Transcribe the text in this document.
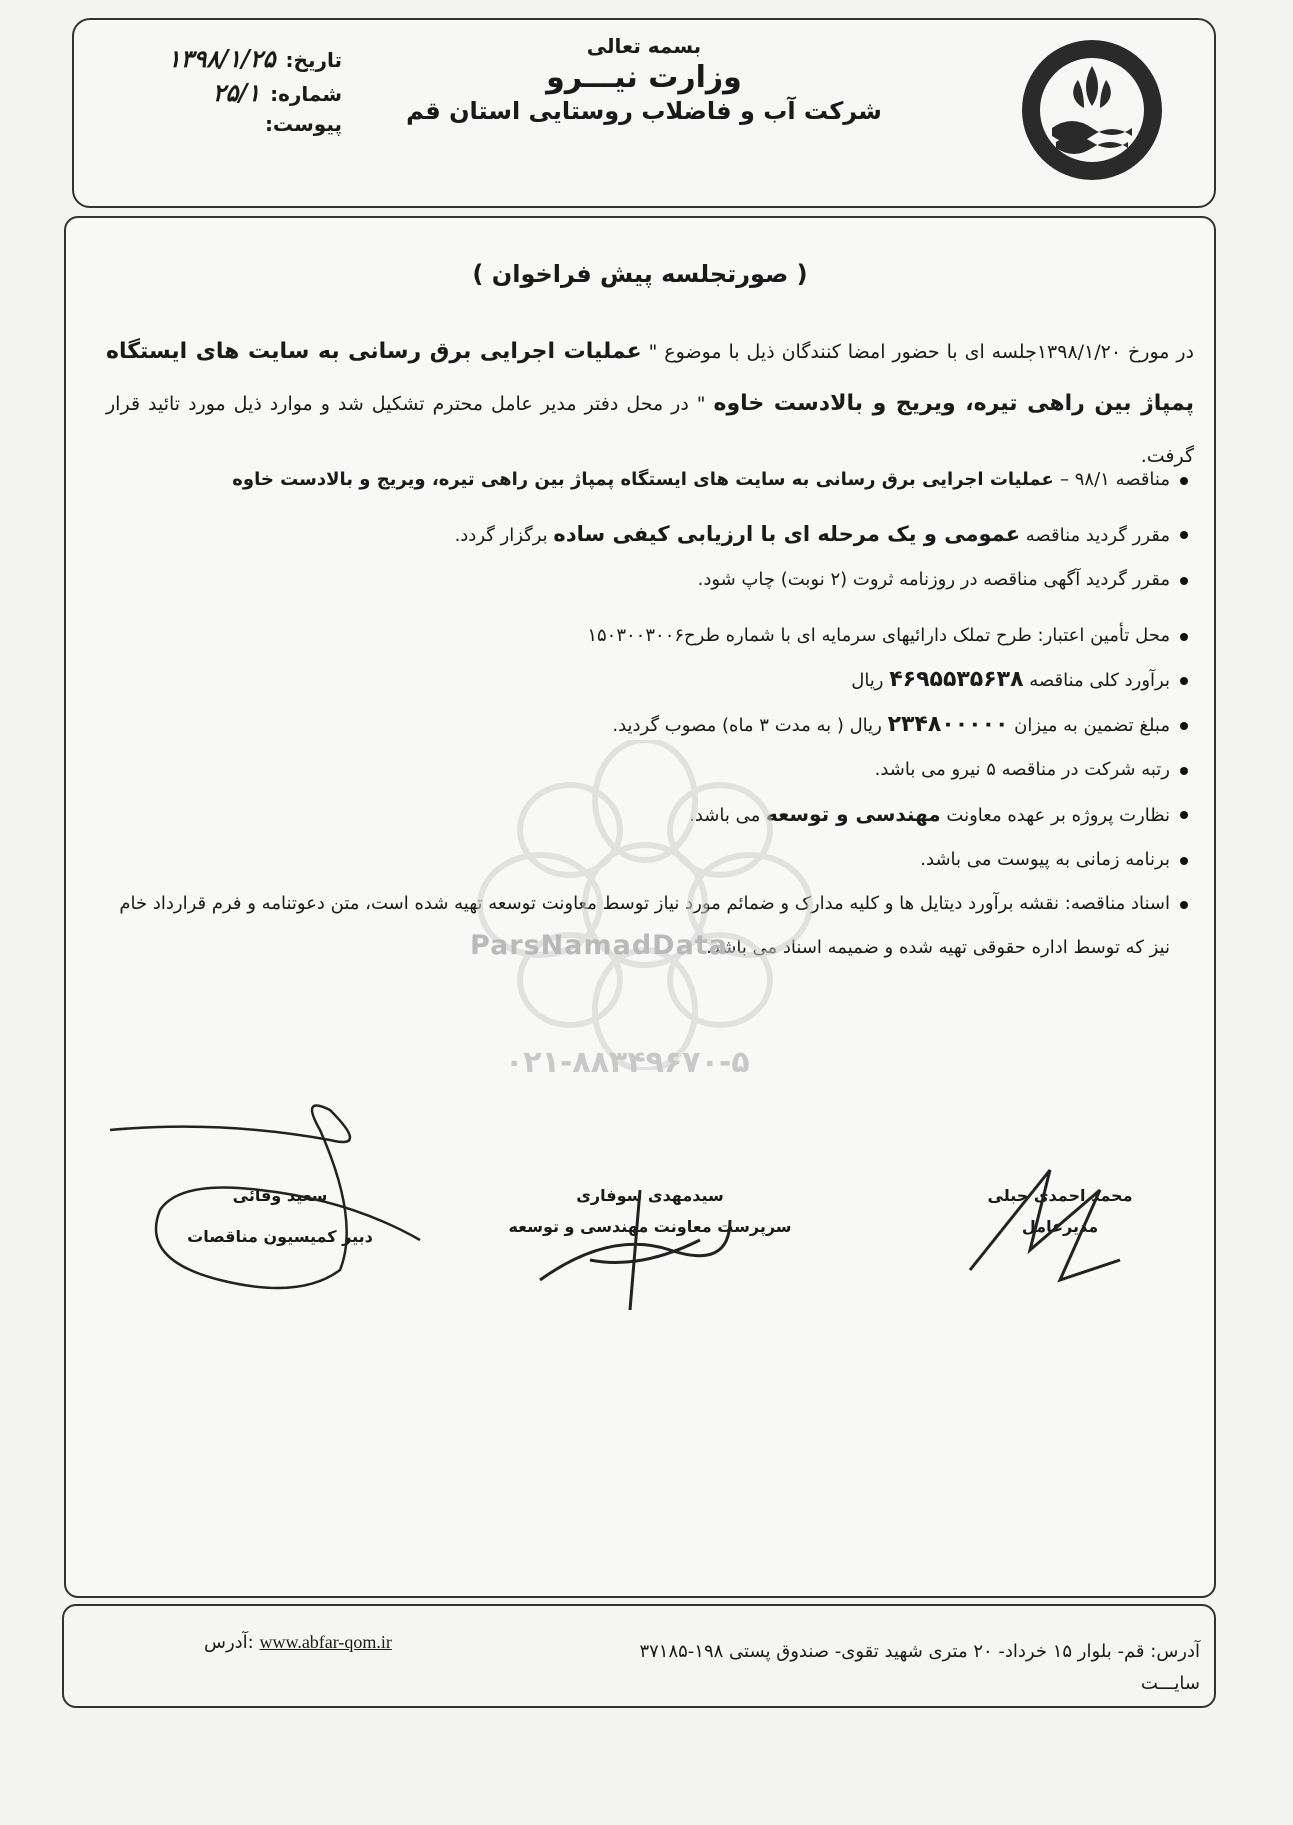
بسمه تعالی
وزارت نیـــرو
شرکت آب و فاضلاب روستایی استان قم
تاریخ:
۱۳۹۸/۱/۲۵
شماره:
۲۵/۱
پیوست:
( صورتجلسه پیش فراخوان )
در مورخ ۱۳۹۸/۱/۲۰جلسه ای با حضور امضا کنندگان ذیل با موضوع " عملیات اجرایی برق رسانی به سایت های ایستگاه پمپاژ بین راهی تیره، ویریج و بالادست خاوه " در محل دفتر مدیر عامل محترم تشکیل شد و موارد ذیل مورد تائید قرار گرفت.
مناقصه ۹۸/۱ – عملیات اجرایی برق رسانی به سایت های ایستگاه پمپاژ بین راهی تیره، ویریج و بالادست خاوه
مقرر گردید مناقصه عمومی و یک مرحله ای با ارزیابی کیفی ساده برگزار گردد.
مقرر گردید آگهی مناقصه در روزنامه ثروت (۲ نوبت) چاپ شود.
محل تأمین اعتبار: طرح تملک دارائیهای سرمایه ای با شماره طرح۱۵۰۳۰۰۳۰۰۶
برآورد کلی مناقصه ۴۶۹۵۵۳۵۶۳۸ ریال
مبلغ تضمین به میزان ۲۳۴۸۰۰۰۰۰ ریال ( به مدت ۳ ماه) مصوب گردید.
رتبه شرکت در مناقصه ۵ نیرو می باشد.
نظارت پروژه بر عهده معاونت مهندسی و توسعه می باشد.
برنامه زمانی به پیوست می باشد.
اسناد مناقصه: نقشه برآورد دیتایل ها و کلیه مدارک و ضمائم مورد نیاز توسط معاونت توسعه تهیه شده است، متن دعوتنامه و فرم قرارداد خام نیز که توسط اداره حقوقی تهیه شده و ضمیمه اسناد می باشد.
ParsNamadData
۰۲۱-۸۸۳۴۹۶۷۰-۵
محمد احمدی جبلی
مدیرعامل
سیدمهدی سوفاری
سرپرست معاونت مهندسی و توسعه
سعید وفائی
دبیر کمیسیون مناقصات
آدرس: قم- بلوار ۱۵ خرداد- ۲۰ متری شهید تقوی- صندوق پستی ۱۹۸-۳۷۱۸۵
سایـــت
www.abfar-qom.ir :آدرس
